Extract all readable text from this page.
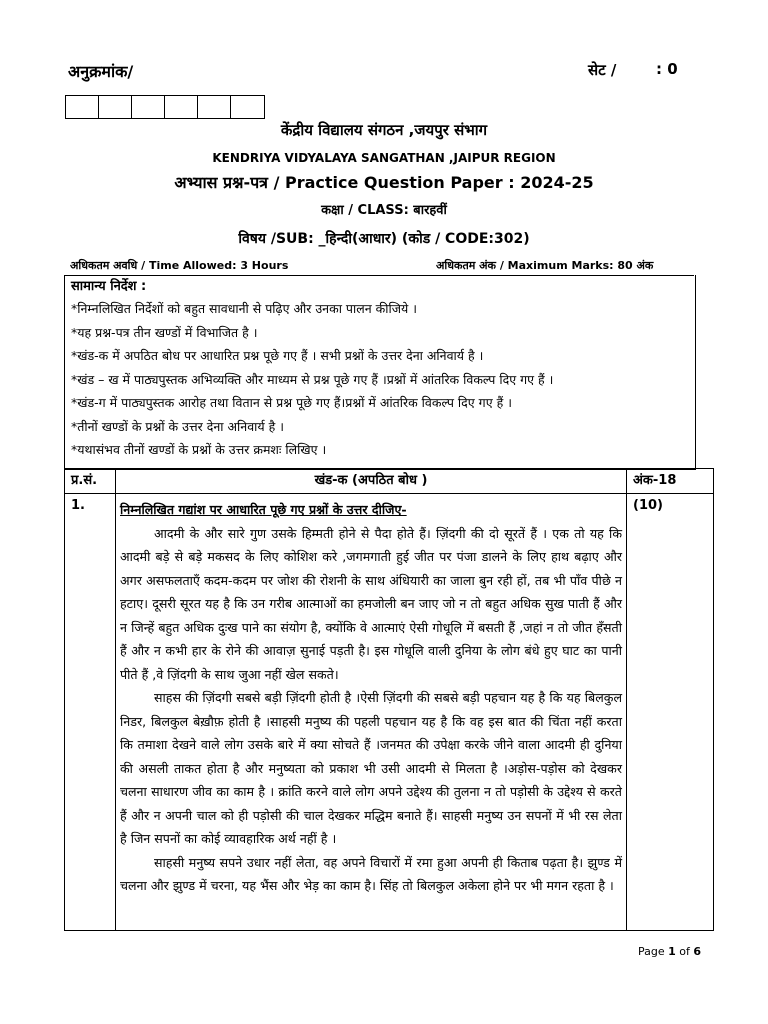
अनुक्रमांक/	सेट /	: 0
केंद्रीय विद्यालय संगठन ,जयपुर संभाग
KENDRIYA VIDYALAYA SANGATHAN ,JAIPUR REGION
अभ्यास प्रश्न-पत्र / Practice Question Paper : 2024-25
कक्षा / CLASS: बारहवीं
विषय /SUB: _हिन्दी(आधार) (कोड / CODE:302)
अधिकतम अवधि / Time Allowed: 3 Hours	अधिकतम अंक / Maximum Marks: 80 अंक
सामान्य निर्देश :
*निम्नलिखित निर्देशों को बहुत सावधानी से पढ़िए और उनका पालन कीजिये ।
*यह प्रश्न-पत्र तीन खण्डों में विभाजित है ।
*खंड-क में अपठित बोध पर आधारित प्रश्न पूछे गए हैं । सभी प्रश्नों के उत्तर देना अनिवार्य है ।
*खंड – ख में पाठ्यपुस्तक अभिव्यक्ति और माध्यम से प्रश्न पूछे गए हैं ।प्रश्नों में आंतरिक विकल्प दिए गए हैं ।
*खंड-ग में पाठ्यपुस्तक आरोह तथा वितान से प्रश्न पूछे गए हैं।प्रश्नों में आंतरिक विकल्प दिए गए हैं ।
*तीनों खण्डों के प्रश्नों के उत्तर देना अनिवार्य है ।
*यथासंभव तीनों खण्डों के प्रश्नों के उत्तर क्रमशः लिखिए ।
प्र.सं.	खंड-क (अपठित बोध )	अंक-18
1.	निम्नलिखित गद्यांश पर आधारित पूछे गए प्रश्नों के उत्तर दीजिए-

आदमी के और सारे गुण उसके हिम्मती होने से पैदा होते हैं। ज़िंदगी की दो सूरतें हैं । एक तो यह कि आदमी बड़े से बड़े मकसद के लिए कोशिश करे ,जगमगाती हुई जीत पर पंजा डालने के लिए हाथ बढ़ाए और अगर असफलताएँ कदम-कदम पर जोश की रोशनी के साथ अंधियारी का जाला बुन रही हों, तब भी पाँव पीछे न हटाए। दूसरी सूरत यह है कि उन गरीब आत्माओं का हमजोली बन जाए जो न तो बहुत अधिक सुख पाती हैं और न जिन्हें बहुत अधिक दुःख पाने का संयोग है, क्योंकि वे आत्माएं ऐसी गोधूलि में बसती हैं ,जहां न तो जीत हँसती हैं और न कभी हार के रोने की आवाज़ सुनाई पड़ती है। इस गोधूलि वाली दुनिया के लोग बंधे हुए घाट का पानी पीते हैं ,वे ज़िंदगी के साथ जुआ नहीं खेल सकते।

साहस की ज़िंदगी सबसे बड़ी ज़िंदगी होती है ।ऐसी ज़िंदगी की सबसे बड़ी पहचान यह है कि यह बिलकुल निडर, बिलकुल बेख़ौफ़ होती है ।साहसी मनुष्य की पहली पहचान यह है कि वह इस बात की चिंता नहीं करता कि तमाशा देखने वाले लोग उसके बारे में क्या सोचते हैं ।जनमत की उपेक्षा करके जीने वाला आदमी ही दुनिया की असली ताकत होता है और मनुष्यता को प्रकाश भी उसी आदमी से मिलता है ।अड़ोस-पड़ोस को देखकर चलना साधारण जीव का काम है । क्रांति करने वाले लोग अपने उद्देश्य की तुलना न तो पड़ोसी के उद्देश्य से करते हैं और न अपनी चाल को ही पड़ोसी की चाल देखकर मद्धिम बनाते हैं। साहसी मनुष्य उन सपनों में भी रस लेता है जिन सपनों का कोई व्यावहारिक अर्थ नहीं है ।

साहसी मनुष्य सपने उधार नहीं लेता, वह अपने विचारों में रमा हुआ अपनी ही किताब पढ़ता है। झुण्ड में चलना और झुण्ड में चरना, यह भैंस और भेड़ का काम है। सिंह तो बिलकुल अकेला होने पर भी मगन रहता है ।	(10)
Page 1 of 6
